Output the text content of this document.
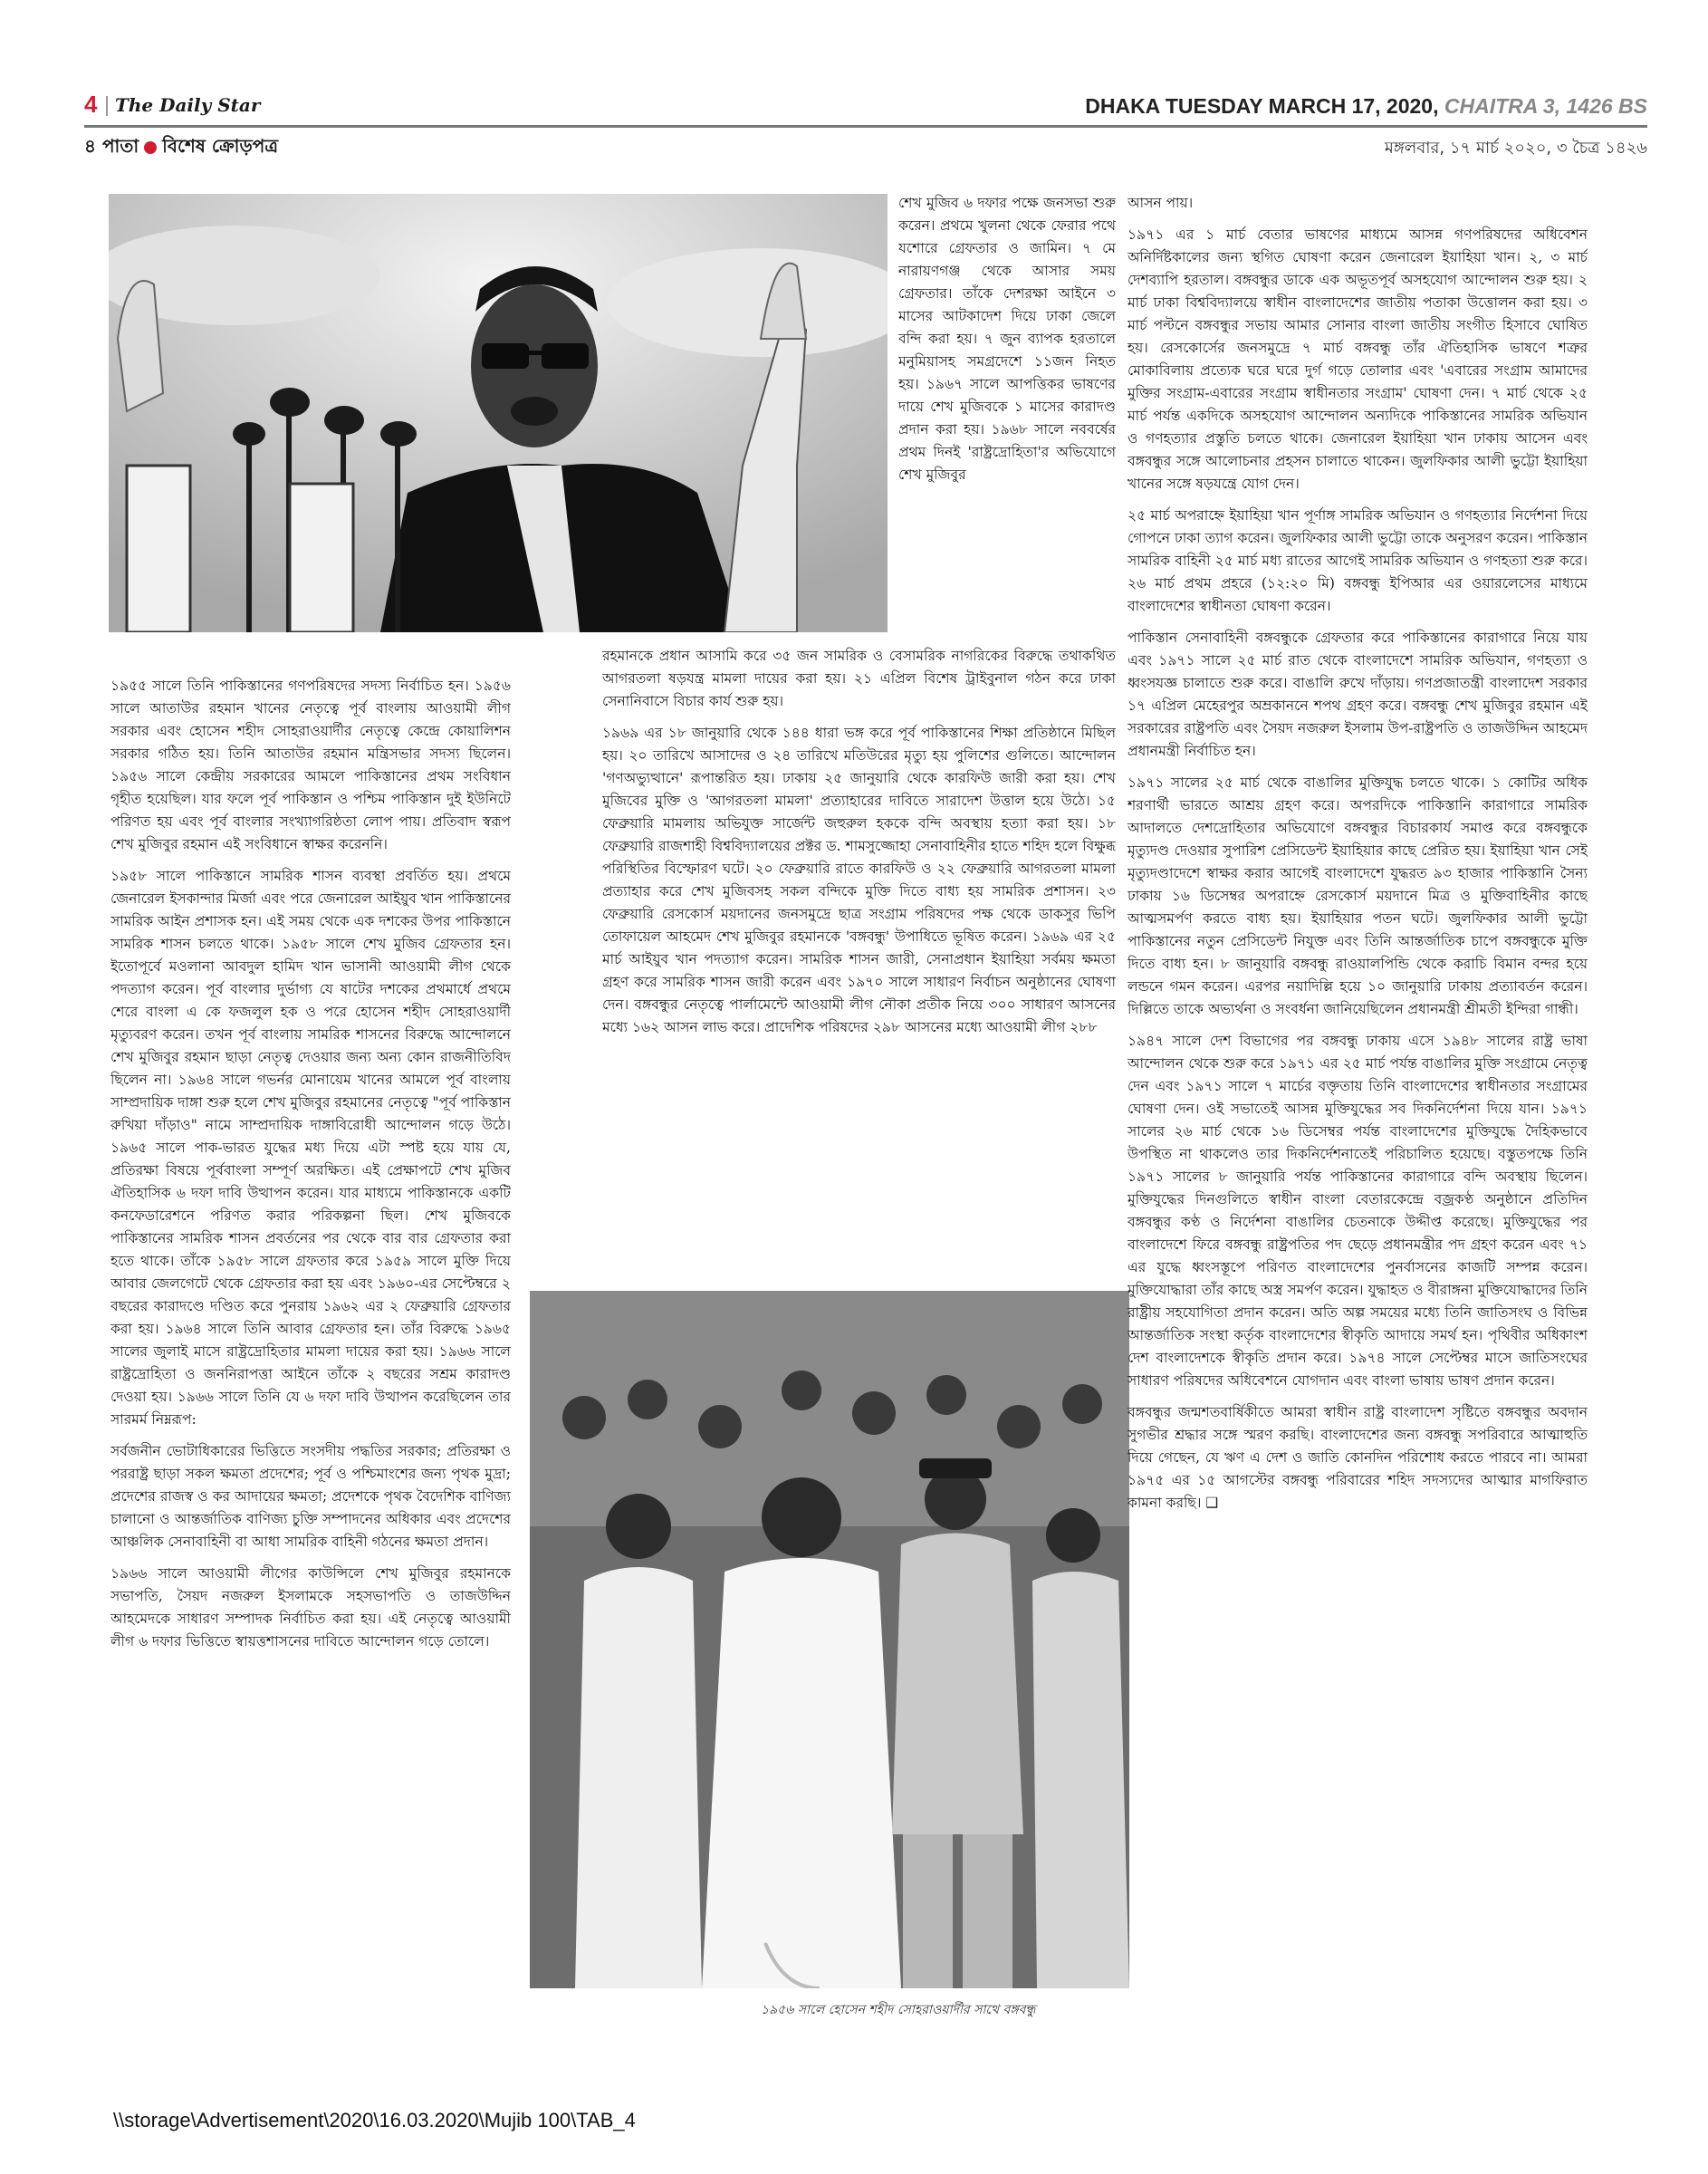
4 The Daily Star	DHAKA TUESDAY MARCH 17, 2020, CHAITRA 3, 1426 BS
৪ পাতা বিশেষ ক্রোড়পত্র	মঙ্গলবার, ১৭ মার্চ ২০২০, ৩ চৈত্র ১৪২৬

শেখ মুজিব ৬ দফার পক্ষে জনসভা শুরু করেন। প্রথমে খুলনা থেকে ফেরার পথে যশোরে গ্রেফতার ও জামিন। ৭ মে নারায়ণগঞ্জ থেকে আসার সময় গ্রেফতার। তাঁকে দেশরক্ষা আইনে ৩ মাসের আটকাদেশ দিয়ে ঢাকা জেলে বন্দি করা হয়। ৭ জুন ব্যাপক হরতালে মনুমিয়াসহ সমগ্রদেশে ১১জন নিহত হয়। ১৯৬৭ সালে আপত্তিকর ভাষণের দায়ে শেখ মুজিবকে ১ মাসের কারাদণ্ড প্রদান করা হয়। ১৯৬৮ সালে নববর্ষের প্রথম দিনই 'রাষ্ট্রদ্রোহিতা'র অভিযোগে শেখ মুজিবুর

রহমানকে প্রধান আসামি করে ৩৫ জন সামরিক ও বেসামরিক নাগরিকের বিরুদ্ধে তথাকথিত আগরতলা ষড়যন্ত্র মামলা দায়ের করা হয়। ২১ এপ্রিল বিশেষ ট্রাইবুনাল গঠন করে ঢাকা সেনানিবাসে বিচার কার্য শুরু হয়।

১৯৬৯ এর ১৮ জানুয়ারি থেকে ১৪৪ ধারা ভঙ্গ করে পূর্ব পাকিস্তানের শিক্ষা প্রতিষ্ঠানে মিছিল হয়। ২০ তারিখে আসাদের ও ২৪ তারিখে মতিউরের মৃত্যু হয় পুলিশের গুলিতে। আন্দোলন 'গণঅভ্যুত্থানে' রূপান্তরিত হয়। ঢাকায় ২৫ জানুয়ারি থেকে কারফিউ জারী করা হয়। শেখ মুজিবের মুক্তি ও 'আগরতলা মামলা' প্রত্যাহারের দাবিতে সারাদেশ উত্তাল হয়ে উঠে। ১৫ ফেব্রুয়ারি মামলায় অভিযুক্ত সার্জেন্ট জহুরুল হককে বন্দি অবস্থায় হত্যা করা হয়। ১৮ ফেব্রুয়ারি রাজশাহী বিশ্ববিদ্যালয়ের প্রক্টর ড. শামসুজ্জোহা সেনাবাহিনীর হাতে শহিদ হলে বিক্ষুব্ধ পরিস্থিতির বিস্ফোরণ ঘটে। ২০ ফেব্রুয়ারি রাতে কারফিউ ও ২২ ফেব্রুয়ারি আগরতলা মামলা প্রত্যাহার করে শেখ মুজিবসহ সকল বন্দিকে মুক্তি দিতে বাধ্য হয় সামরিক প্রশাসন। ২৩ ফেব্রুয়ারি রেসকোর্স ময়দানের জনসমুদ্রে ছাত্র সংগ্রাম পরিষদের পক্ষ থেকে ডাকসুর ভিপি তোফায়েল আহমেদ শেখ মুজিবুর রহমানকে 'বঙ্গবন্ধু' উপাধিতে ভূষিত করেন। ১৯৬৯ এর ২৫ মার্চ আইয়ুব খান পদত্যাগ করেন। সামরিক শাসন জারী, সেনাপ্রধান ইয়াহিয়া সর্বময় ক্ষমতা গ্রহণ করে সামরিক শাসন জারী করেন এবং ১৯৭০ সালে সাধারণ নির্বাচন অনুষ্ঠানের ঘোষণা দেন। বঙ্গবন্ধুর নেতৃত্বে পার্লামেন্টে আওয়ামী লীগ নৌকা প্রতীক নিয়ে ৩০০ সাধারণ আসনের মধ্যে ১৬২ আসন লাভ করে। প্রাদেশিক পরিষদের ২৯৮ আসনের মধ্যে আওয়ামী লীগ ২৮৮

১৯৫৫ সালে তিনি পাকিস্তানের গণপরিষদের সদস্য নির্বাচিত হন। ১৯৫৬ সালে আতাউর রহমান খানের নেতৃত্বে পূর্ব বাংলায় আওয়ামী লীগ সরকার এবং হোসেন শহীদ সোহরাওয়ার্দীর নেতৃত্বে কেন্দ্রে কোয়ালিশন সরকার গঠিত হয়। তিনি আতাউর রহমান মন্ত্রিসভার সদস্য ছিলেন। ১৯৫৬ সালে কেন্দ্রীয় সরকারের আমলে পাকিস্তানের প্রথম সংবিধান গৃহীত হয়েছিল। যার ফলে পূর্ব পাকিস্তান ও পশ্চিম পাকিস্তান দুই ইউনিটে পরিণত হয় এবং পূর্ব বাংলার সংখ্যাগরিষ্ঠতা লোপ পায়। প্রতিবাদ স্বরূপ শেখ মুজিবুর রহমান এই সংবিধানে স্বাক্ষর করেননি।

১৯৫৮ সালে পাকিস্তানে সামরিক শাসন ব্যবস্থা প্রবর্তিত হয়। প্রথমে জেনারেল ইসকান্দার মির্জা এবং পরে জেনারেল আইয়ুব খান পাকিস্তানের সামরিক আইন প্রশাসক হন। এই সময় থেকে এক দশকের উপর পাকিস্তানে সামরিক শাসন চলতে থাকে। ১৯৫৮ সালে শেখ মুজিব গ্রেফতার হন। ইতোপূর্বে মওলানা আবদুল হামিদ খান ভাসানী আওয়ামী লীগ থেকে পদত্যাগ করেন। পূর্ব বাংলার দুর্ভাগ্য যে ষাটের দশকের প্রথমার্ধে প্রথমে শেরে বাংলা এ কে ফজলুল হক ও পরে হোসেন শহীদ সোহরাওয়ার্দী মৃত্যুবরণ করেন। তখন পূর্ব বাংলায় সামরিক শাসনের বিরুদ্ধে আন্দোলনে শেখ মুজিবুর রহমান ছাড়া নেতৃত্ব দেওয়ার জন্য অন্য কোন রাজনীতিবিদ ছিলেন না। ১৯৬৪ সালে গভর্নর মোনায়েম খানের আমলে পূর্ব বাংলায় সাম্প্রদায়িক দাঙ্গা শুরু হলে শেখ মুজিবুর রহমানের নেতৃত্বে "পূর্ব পাকিস্তান রুখিয়া দাঁড়াও" নামে সাম্প্রদায়িক দাঙ্গাবিরোধী আন্দোলন গড়ে উঠে। ১৯৬৫ সালে পাক-ভারত যুদ্ধের মধ্য দিয়ে এটা স্পষ্ট হয়ে যায় যে, প্রতিরক্ষা বিষয়ে পূর্ববাংলা সম্পূর্ণ অরক্ষিত। এই প্রেক্ষাপটে শেখ মুজিব ঐতিহাসিক ৬ দফা দাবি উত্থাপন করেন। যার মাধ্যমে পাকিস্তানকে একটি কনফেডারেশনে পরিণত করার পরিকল্পনা ছিল। শেখ মুজিবকে পাকিস্তানের সামরিক শাসন প্রবর্তনের পর থেকে বার বার গ্রেফতার করা হতে থাকে। তাঁকে ১৯৫৮ সালে গ্রফতার করে ১৯৫৯ সালে মুক্তি দিয়ে আবার জেলগেটে থেকে গ্রেফতার করা হয় এবং ১৯৬০-এর সেপ্টেম্বরে ২ বছরের কারাদণ্ডে দণ্ডিত করে পুনরায় ১৯৬২ এর ২ ফেব্রুয়ারি গ্রেফতার করা হয়। ১৯৬৪ সালে তিনি আবার গ্রেফতার হন। তাঁর বিরুদ্ধে ১৯৬৫ সালের জুলাই মাসে রাষ্ট্রদ্রোহিতার মামলা দায়ের করা হয়। ১৯৬৬ সালে রাষ্ট্রদ্রোহিতা ও জননিরাপত্তা আইনে তাঁকে ২ বছরের সশ্রম কারাদণ্ড দেওয়া হয়। ১৯৬৬ সালে তিনি যে ৬ দফা দাবি উত্থাপন করেছিলেন তার সারমর্ম নিম্নরূপ:

সর্বজনীন ভোটাধিকারের ভিত্তিতে সংসদীয় পদ্ধতির সরকার; প্রতিরক্ষা ও পররাষ্ট্র ছাড়া সকল ক্ষমতা প্রদেশের; পূর্ব ও পশ্চিমাংশের জন্য পৃথক মুদ্রা; প্রদেশের রাজস্ব ও কর আদায়ের ক্ষমতা; প্রদেশকে পৃথক বৈদেশিক বাণিজ্য চালানো ও আন্তর্জাতিক বাণিজ্য চুক্তি সম্পাদনের অধিকার এবং প্রদেশের আঞ্চলিক সেনাবাহিনী বা আধা সামরিক বাহিনী গঠনের ক্ষমতা প্রদান।

১৯৬৬ সালে আওয়ামী লীগের কাউন্সিলে শেখ মুজিবুর রহমানকে সভাপতি, সৈয়দ নজরুল ইসলামকে সহসভাপতি ও তাজউদ্দিন আহমেদকে সাধারণ সম্পাদক নির্বাচিত করা হয়। এই নেতৃত্বে আওয়ামী লীগ ৬ দফার ভিত্তিতে স্বায়ত্তশাসনের দাবিতে আন্দোলন গড়ে তোলে।

১৯৫৬ সালে হোসেন শহীদ সোহরাওয়ার্দীর সাথে বঙ্গবন্ধু

আসন পায়।

১৯৭১ এর ১ মার্চ বেতার ভাষণের মাধ্যমে আসন্ন গণপরিষদের অধিবেশন অনির্দিষ্টকালের জন্য স্থগিত ঘোষণা করেন জেনারেল ইয়াহিয়া খান। ২, ৩ মার্চ দেশব্যাপি হরতাল। বঙ্গবন্ধুর ডাকে এক অভূতপূর্ব অসহযোগ আন্দোলন শুরু হয়। ২ মার্চ ঢাকা বিশ্ববিদ্যালয়ে স্বাধীন বাংলাদেশের জাতীয় পতাকা উত্তোলন করা হয়। ৩ মার্চ পল্টনে বঙ্গবন্ধুর সভায় আমার সোনার বাংলা জাতীয় সংগীত হিসাবে ঘোষিত হয়। রেসকোর্সের জনসমুদ্রে ৭ মার্চ বঙ্গবন্ধু তাঁর ঐতিহাসিক ভাষণে শত্রুর মোকাবিলায় প্রত্যেক ঘরে ঘরে দুর্গ গড়ে তোলার এবং 'এবারের সংগ্রাম আমাদের মুক্তির সংগ্রাম-এবারের সংগ্রাম স্বাধীনতার সংগ্রাম' ঘোষণা দেন। ৭ মার্চ থেকে ২৫ মার্চ পর্যন্ত একদিকে অসহযোগ আন্দোলন অন্যদিকে পাকিস্তানের সামরিক অভিযান ও গণহত্যার প্রস্তুতি চলতে থাকে। জেনারেল ইয়াহিয়া খান ঢাকায় আসেন এবং বঙ্গবন্ধুর সঙ্গে আলোচনার প্রহসন চালাতে থাকেন। জুলফিকার আলী ভুট্টো ইয়াহিয়া খানের সঙ্গে ষড়যন্ত্রে যোগ দেন।

২৫ মার্চ অপরাহ্নে ইয়াহিয়া খান পূর্ণাঙ্গ সামরিক অভিযান ও গণহত্যার নির্দেশনা দিয়ে গোপনে ঢাকা ত্যাগ করেন। জুলফিকার আলী ভুট্টো তাকে অনুসরণ করেন। পাকিস্তান সামরিক বাহিনী ২৫ মার্চ মধ্য রাতের আগেই সামরিক অভিযান ও গণহত্যা শুরু করে। ২৬ মার্চ প্রথম প্রহরে (১২:২০ মি) বঙ্গবন্ধু ইপিআর এর ওয়ারলেসের মাধ্যমে বাংলাদেশের স্বাধীনতা ঘোষণা করেন।

পাকিস্তান সেনাবাহিনী বঙ্গবন্ধুকে গ্রেফতার করে পাকিস্তানের কারাগারে নিয়ে যায় এবং ১৯৭১ সালে ২৫ মার্চ রাত থেকে বাংলাদেশে সামরিক অভিযান, গণহত্যা ও ধ্বংসযজ্ঞ চালাতে শুরু করে। বাঙালি রুখে দাঁড়ায়। গণপ্রজাতন্ত্রী বাংলাদেশ সরকার ১৭ এপ্রিল মেহেরপুর অম্রকাননে শপথ গ্রহণ করে। বঙ্গবন্ধু শেখ মুজিবুর রহমান এই সরকারের রাষ্ট্রপতি এবং সৈয়দ নজরুল ইসলাম উপ-রাষ্ট্রপতি ও তাজউদ্দিন আহমেদ প্রধানমন্ত্রী নির্বাচিত হন।

১৯৭১ সালের ২৫ মার্চ থেকে বাঙালির মুক্তিযুদ্ধ চলতে থাকে। ১ কোটির অধিক শরণার্থী ভারতে আশ্রয় গ্রহণ করে। অপরদিকে পাকিস্তানি কারাগারে সামরিক আদালতে দেশদ্রোহিতার অভিযোগে বঙ্গবন্ধুর বিচারকার্য সমাপ্ত করে বঙ্গবন্ধুকে মৃত্যুদণ্ড দেওয়ার সুপারিশ প্রেসিডেন্ট ইয়াহিয়ার কাছে প্রেরিত হয়। ইয়াহিয়া খান সেই মৃত্যুদণ্ডাদেশে স্বাক্ষর করার আগেই বাংলাদেশে যুদ্ধরত ৯৩ হাজার পাকিস্তানি সৈন্য ঢাকায় ১৬ ডিসেম্বর অপরাহ্নে রেসকোর্স ময়দানে মিত্র ও মুক্তিবাহিনীর কাছে আত্মসমর্পণ করতে বাধ্য হয়। ইয়াহিয়ার পতন ঘটে। জুলফিকার আলী ভুট্টো পাকিস্তানের নতুন প্রেসিডেন্ট নিযুক্ত এবং তিনি আন্তর্জাতিক চাপে বঙ্গবন্ধুকে মুক্তি দিতে বাধ্য হন। ৮ জানুয়ারি বঙ্গবন্ধু রাওয়ালপিন্ডি থেকে করাচি বিমান বন্দর হয়ে লন্ডনে গমন করেন। এরপর নয়াদিল্লি হয়ে ১০ জানুয়ারি ঢাকায় প্রত্যাবর্তন করেন। দিল্লিতে তাকে অভ্যর্থনা ও সংবর্ধনা জানিয়েছিলেন প্রধানমন্ত্রী শ্রীমতী ইন্দিরা গান্ধী।

১৯৪৭ সালে দেশ বিভাগের পর বঙ্গবন্ধু ঢাকায় এসে ১৯৪৮ সালের রাষ্ট্র ভাষা আন্দোলন থেকে শুরু করে ১৯৭১ এর ২৫ মার্চ পর্যন্ত বাঙালির মুক্তি সংগ্রামে নেতৃত্ব দেন এবং ১৯৭১ সালে ৭ মার্চের বক্তৃতায় তিনি বাংলাদেশের স্বাধীনতার সংগ্রামের ঘোষণা দেন। ওই সভাতেই আসন্ন মুক্তিযুদ্ধের সব দিকনির্দেশনা দিয়ে যান। ১৯৭১ সালের ২৬ মার্চ থেকে ১৬ ডিসেম্বর পর্যন্ত বাংলাদেশের মুক্তিযুদ্ধে দৈহিকভাবে উপস্থিত না থাকলেও তার দিকনির্দেশনাতেই পরিচালিত হয়েছে। বস্তুতপক্ষে তিনি ১৯৭১ সালের ৮ জানুয়ারি পর্যন্ত পাকিস্তানের কারাগারে বন্দি অবস্থায় ছিলেন। মুক্তিযুদ্ধের দিনগুলিতে স্বাধীন বাংলা বেতারকেন্দ্রে বজ্রকণ্ঠ অনুষ্ঠানে প্রতিদিন বঙ্গবন্ধুর কণ্ঠ ও নির্দেশনা বাঙালির চেতনাকে উদ্দীপ্ত করেছে। মুক্তিযুদ্ধের পর বাংলাদেশে ফিরে বঙ্গবন্ধু রাষ্ট্রপতির পদ ছেড়ে প্রধানমন্ত্রীর পদ গ্রহণ করেন এবং ৭১ এর যুদ্ধে ধ্বংসস্তূপে পরিণত বাংলাদেশের পুনর্বাসনের কাজটি সম্পন্ন করেন। মুক্তিযোদ্ধারা তাঁর কাছে অস্ত্র সমর্পণ করেন। যুদ্ধাহত ও বীরাঙ্গনা মুক্তিযোদ্ধাদের তিনি রাষ্ট্রীয় সহযোগিতা প্রদান করেন। অতি অল্প সময়ের মধ্যে তিনি জাতিসংঘ ও বিভিন্ন আন্তর্জাতিক সংস্থা কর্তৃক বাংলাদেশের স্বীকৃতি আদায়ে সমর্থ হন। পৃথিবীর অধিকাংশ দেশ বাংলাদেশকে স্বীকৃতি প্রদান করে। ১৯৭৪ সালে সেপ্টেম্বর মাসে জাতিসংঘের সাধারণ পরিষদের অধিবেশনে যোগদান এবং বাংলা ভাষায় ভাষণ প্রদান করেন।

বঙ্গবন্ধুর জন্মশতবার্ষিকীতে আমরা স্বাধীন রাষ্ট্র বাংলাদেশ সৃষ্টিতে বঙ্গবন্ধুর অবদান সুগভীর শ্রদ্ধার সঙ্গে স্মরণ করছি। বাংলাদেশের জন্য বঙ্গবন্ধু সপরিবারে আত্মাহুতি দিয়ে গেছেন, যে ঋণ এ দেশ ও জাতি কোনদিন পরিশোধ করতে পারবে না। আমরা ১৯৭৫ এর ১৫ আগস্টের বঙ্গবন্ধু পরিবারের শহিদ সদস্যদের আত্মার মাগফিরাত কামনা করছি। ❑

\\storage\Advertisement\2020\16.03.2020\Mujib 100\TAB_4
